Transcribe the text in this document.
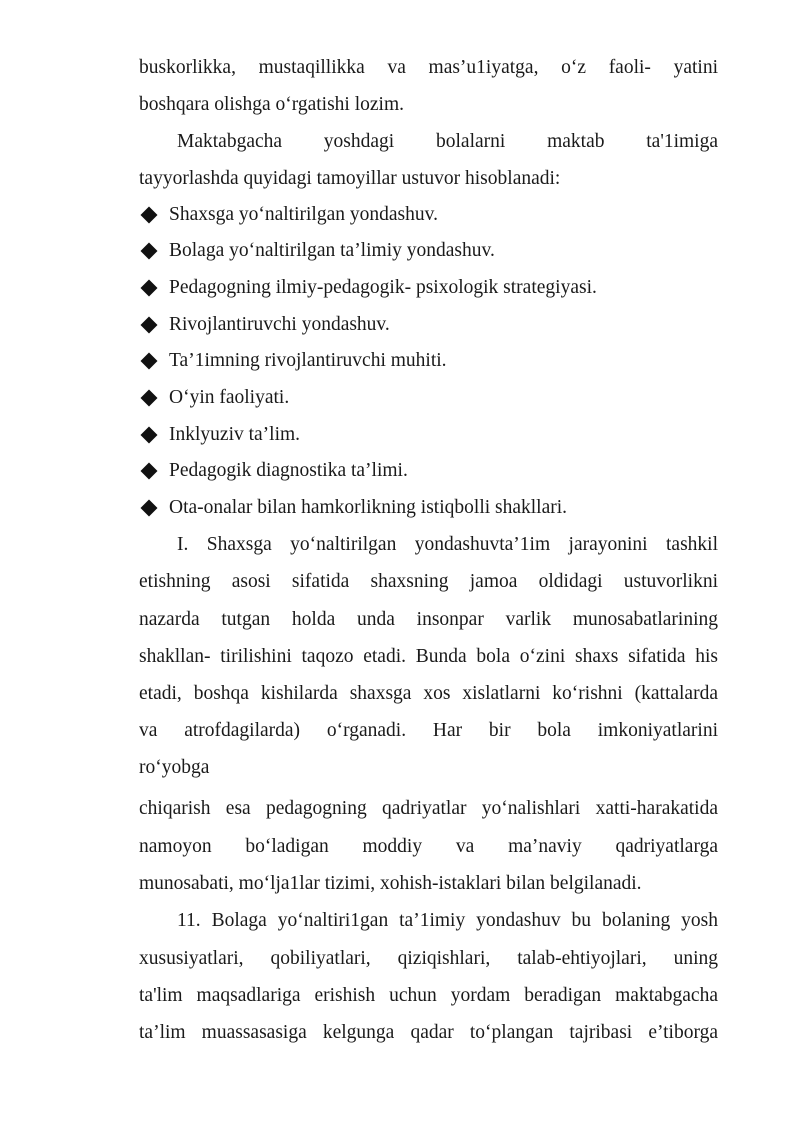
buskorlikka, mustaqillikka va mas’u1iyatga, o‘z faoli- yatini
boshqara olishga o‘rgatishi lozim.
Maktabgacha yoshdagi bolalarni maktab ta'1imiga
tayyorlashda quyidagi tamoyillar ustuvor hisoblanadi:
Shaxsga yo‘naltirilgan yondashuv.
Bolaga yo‘naltirilgan ta’limiy yondashuv.
Pedagogning ilmiy-pedagogik- psixologik strategiyasi.
Rivojlantiruvchi yondashuv.
Ta’1imning rivojlantiruvchi muhiti.
O‘yin faoliyati.
Inklyuziv ta’lim.
Pedagogik diagnostika ta’limi.
Ota-onalar bilan hamkorlikning istiqbolli shakllari.
I. Shaxsga yo‘naltirilgan yondashuvta’1im jarayonini tashkil
etishning asosi sifatida shaxsning jamoa oldidagi ustuvorlikni
nazarda tutgan holda unda insonpar varlik munosabatlarining
shakllan- tirilishini taqozo etadi. Bunda bola o‘zini shaxs sifatida his
etadi, boshqa kishilarda shaxsga xos xislatlarni ko‘rishni (kattalarda
va atrofdagilarda) o‘rganadi. Har bir bola imkoniyatlarini
ro‘yobga
chiqarish esa pedagogning qadriyatlar yo‘nalishlari xatti-harakatida
namoyon bo‘ladigan moddiy va ma’naviy qadriyatlarga
munosabati, mo‘lja1lar tizimi, xohish-istaklari bilan belgilanadi.
11. Bolaga yo‘naltiri1gan ta’1imiy yondashuv bu bolaning yosh
xususiyatlari, qobiliyatlari, qiziqishlari, talab-ehtiyojlari, uning
ta'lim maqsadlariga erishish uchun yordam beradigan maktabgacha
ta’lim muassasasiga kelgunga qadar to‘plangan tajribasi e’tiborga
